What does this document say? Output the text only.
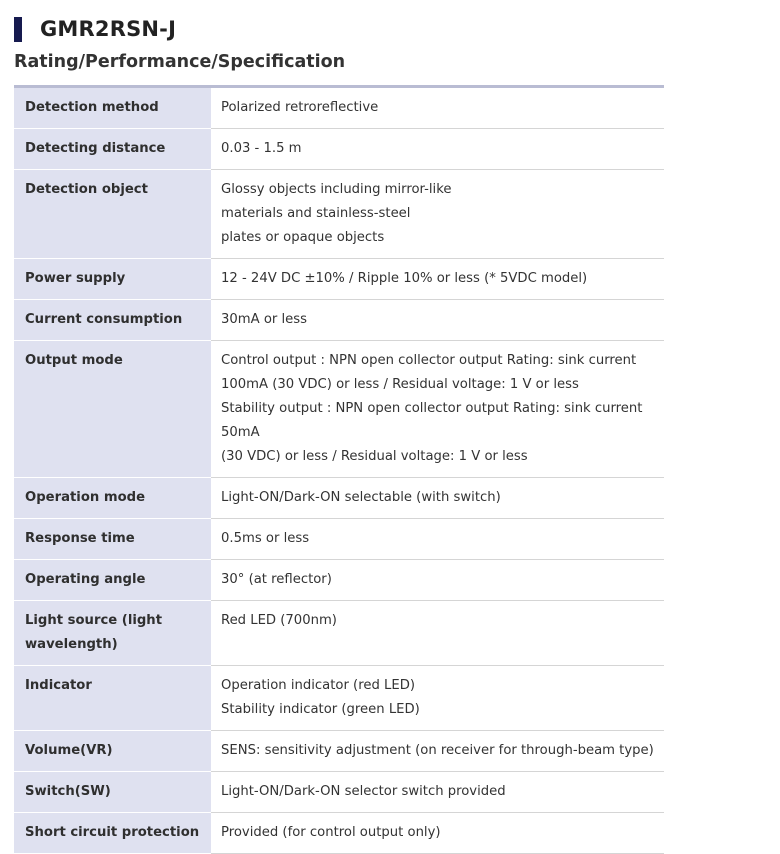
GMR2RSN-J
Rating/Performance/Specification
Detection method	Polarized retroreflective

Detecting distance	0.03 - 1.5 m

Detection object	Glossy objects including mirror-like
materials and stainless-steel
plates or opaque objects

Power supply	12 - 24V DC ±10% / Ripple 10% or less (* 5VDC model)

Current consumption	30mA or less

Output mode	Control output : NPN open collector output Rating: sink current
100mA (30 VDC) or less / Residual voltage: 1 V or less
Stability output : NPN open collector output Rating: sink current 50mA
(30 VDC) or less / Residual voltage: 1 V or less

Operation mode	Light-ON/Dark-ON selectable (with switch)

Response time	0.5ms or less

Operating angle	30° (at reflector)

Light source (light wavelength)	Red LED (700nm)

Indicator	Operation indicator (red LED)
Stability indicator (green LED)

Volume(VR)	SENS: sensitivity adjustment (on receiver for through-beam type)

Switch(SW)	Light-ON/Dark-ON selector switch provided

Short circuit protection	Provided (for control output only)
